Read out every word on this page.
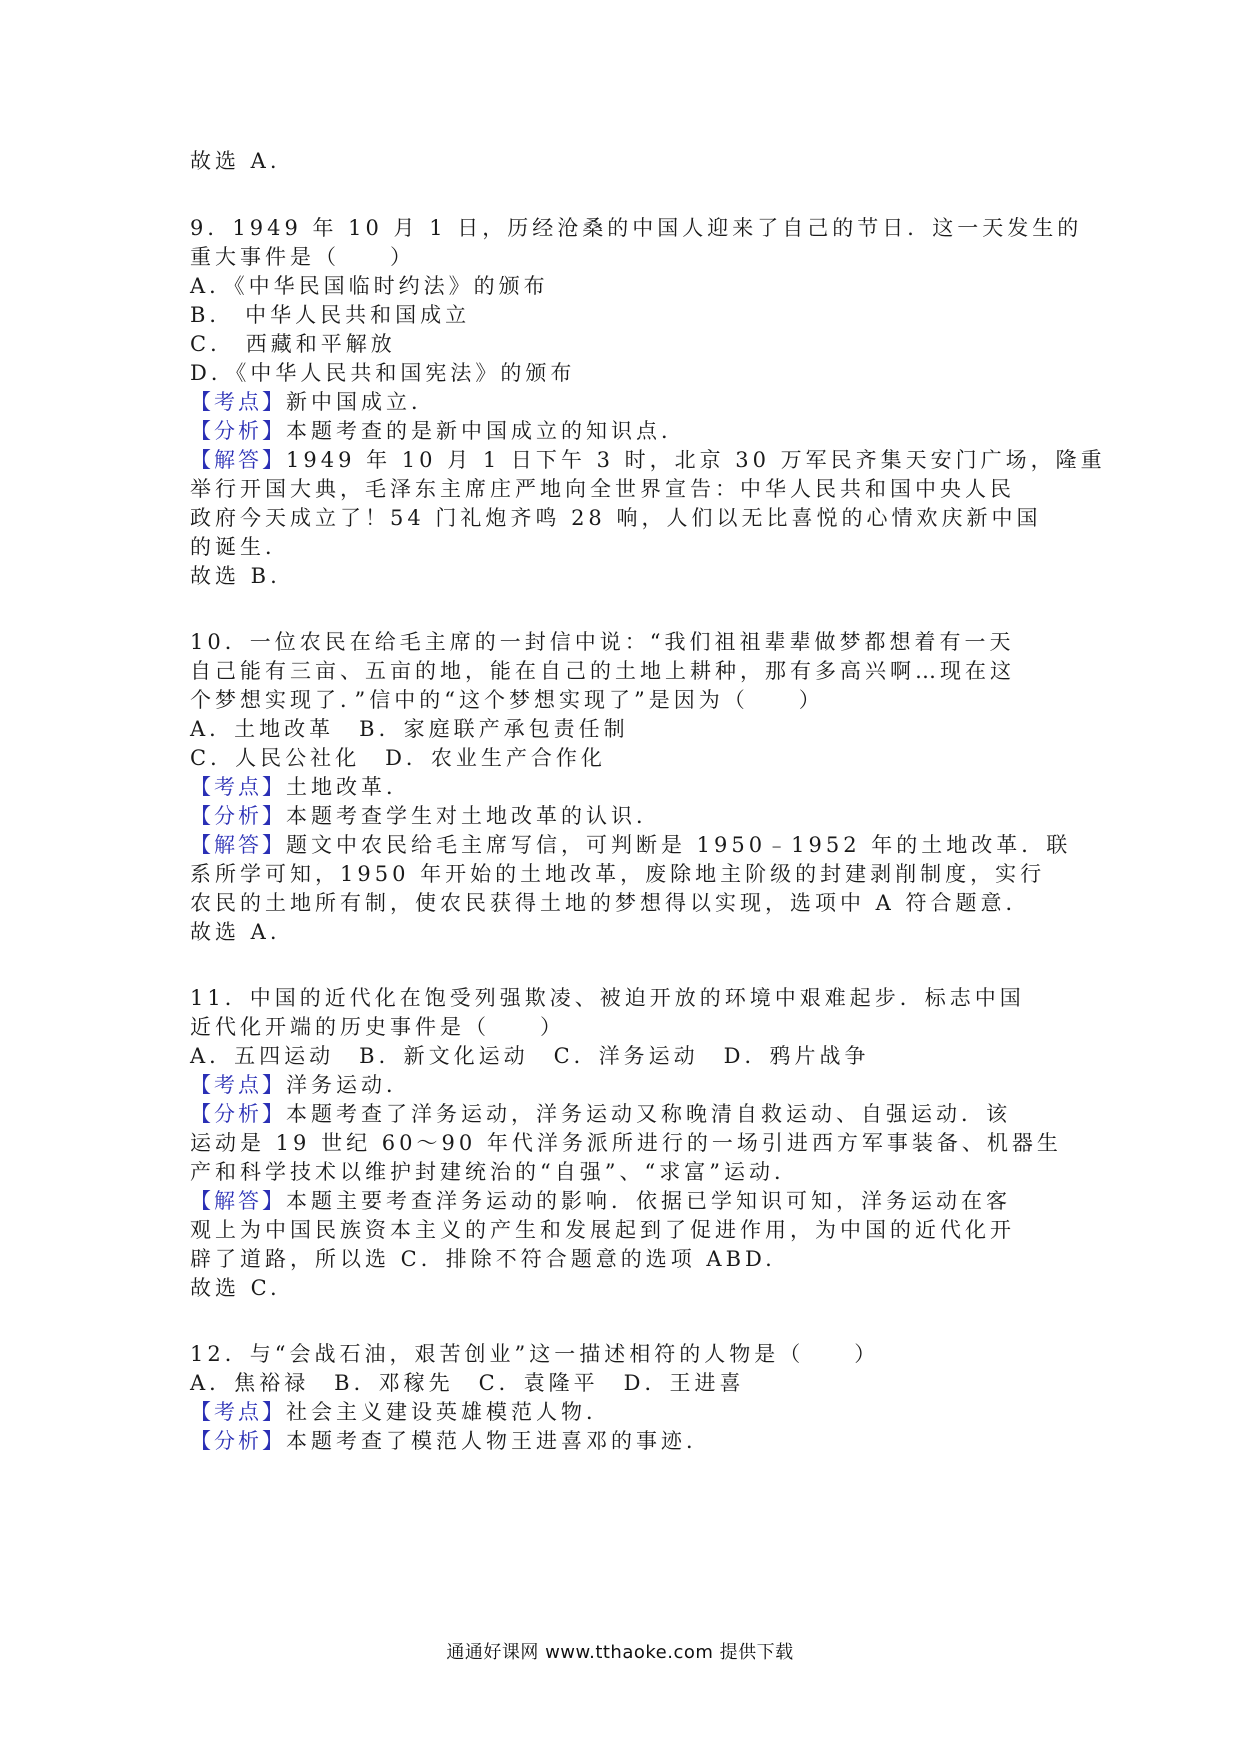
故选 A.
9．1949 年 10 月 1 日，历经沧桑的中国人迎来了自己的节日．这一天发生的
重大事件是（　　）
A．《中华民国临时约法》的颁布
B． 中华人民共和国成立
C． 西藏和平解放
D．《中华人民共和国宪法》的颁布
【考点】新中国成立．
【分析】本题考查的是新中国成立的知识点．
【解答】1949 年 10 月 1 日下午 3 时，北京 30 万军民齐集天安门广场，隆重
举行开国大典，毛泽东主席庄严地向全世界宣告：中华人民共和国中央人民
政府今天成立了！54 门礼炮齐鸣 28 响，人们以无比喜悦的心情欢庆新中国
的诞生．
故选 B.
10．一位农民在给毛主席的一封信中说：“我们祖祖辈辈做梦都想着有一天
自己能有三亩、五亩的地，能在自己的土地上耕种，那有多高兴啊…现在这
个梦想实现了．”信中的“这个梦想实现了”是因为（　　）
A．土地改革　B．家庭联产承包责任制
C．人民公社化　D．农业生产合作化
【考点】土地改革．
【分析】本题考查学生对土地改革的认识．
【解答】题文中农民给毛主席写信，可判断是 1950﹣1952 年的土地改革．联
系所学可知，1950 年开始的土地改革，废除地主阶级的封建剥削制度，实行
农民的土地所有制，使农民获得土地的梦想得以实现，选项中 A 符合题意．
故选 A.
11．中国的近代化在饱受列强欺凌、被迫开放的环境中艰难起步．标志中国
近代化开端的历史事件是（　　）
A．五四运动　B．新文化运动　C．洋务运动　D．鸦片战争
【考点】洋务运动．
【分析】本题考查了洋务运动，洋务运动又称晚清自救运动、自强运动．该
运动是 19 世纪 60～90 年代洋务派所进行的一场引进西方军事装备、机器生
产和科学技术以维护封建统治的“自强”、“求富”运动．
【解答】本题主要考查洋务运动的影响．依据已学知识可知，洋务运动在客
观上为中国民族资本主义的产生和发展起到了促进作用，为中国的近代化开
辟了道路，所以选 C．排除不符合题意的选项 ABD.
故选 C.
12．与“会战石油，艰苦创业”这一描述相符的人物是（　　）
A．焦裕禄　B．邓稼先　C．袁隆平　D．王进喜
【考点】社会主义建设英雄模范人物．
【分析】本题考查了模范人物王进喜邓的事迹．
通通好课网 www.tthaoke.com 提供下载
